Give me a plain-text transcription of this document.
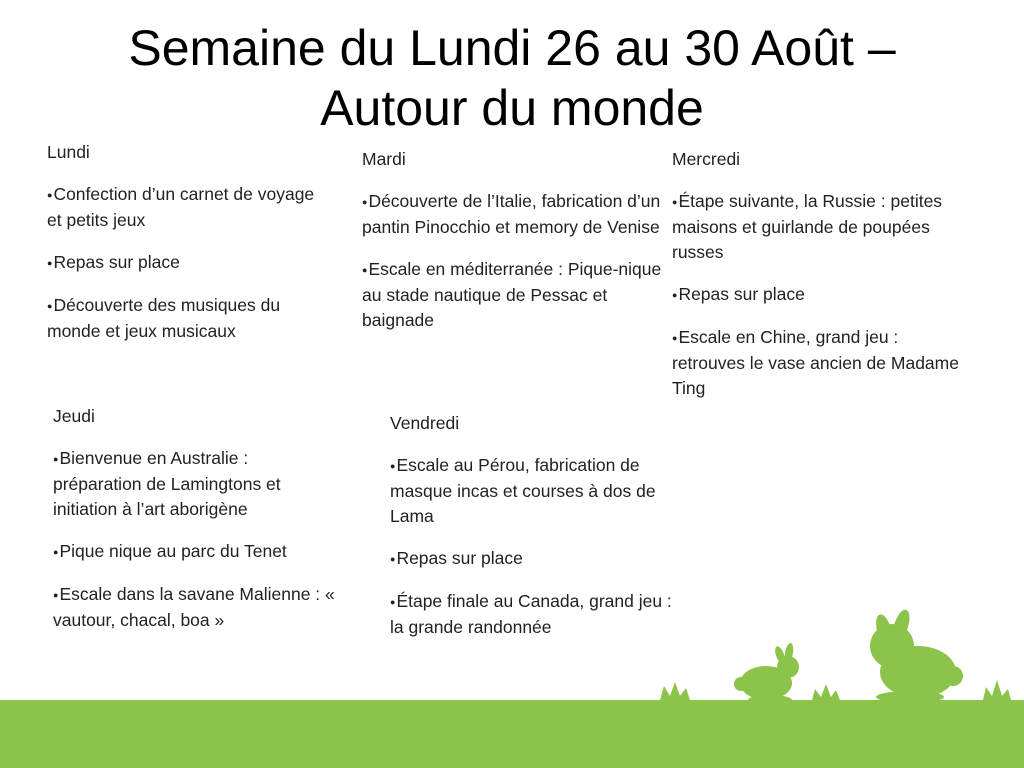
Semaine du Lundi 26 au 30 Août –
Autour du monde
Lundi
●Confection d’un carnet de voyage et petits jeux
●Repas sur place
●Découverte des musiques du monde et jeux musicaux
Mardi
●Découverte de l’Italie, fabrication d’un pantin Pinocchio et memory de Venise
●Escale en méditerranée : Pique-nique au stade nautique de Pessac et baignade
Mercredi
●Étape suivante, la Russie : petites maisons et guirlande de poupées russes
●Repas sur place
●Escale en Chine, grand jeu : retrouves le vase ancien de Madame Ting
Jeudi
●Bienvenue en Australie : préparation de Lamingtons et initiation à l’art aborigène
●Pique nique au parc du Tenet
●Escale dans la savane Malienne : « vautour, chacal, boa »
Vendredi
●Escale au Pérou, fabrication de masque incas et courses à dos de Lama
●Repas sur place
●Étape finale au Canada, grand jeu : la grande randonnée
